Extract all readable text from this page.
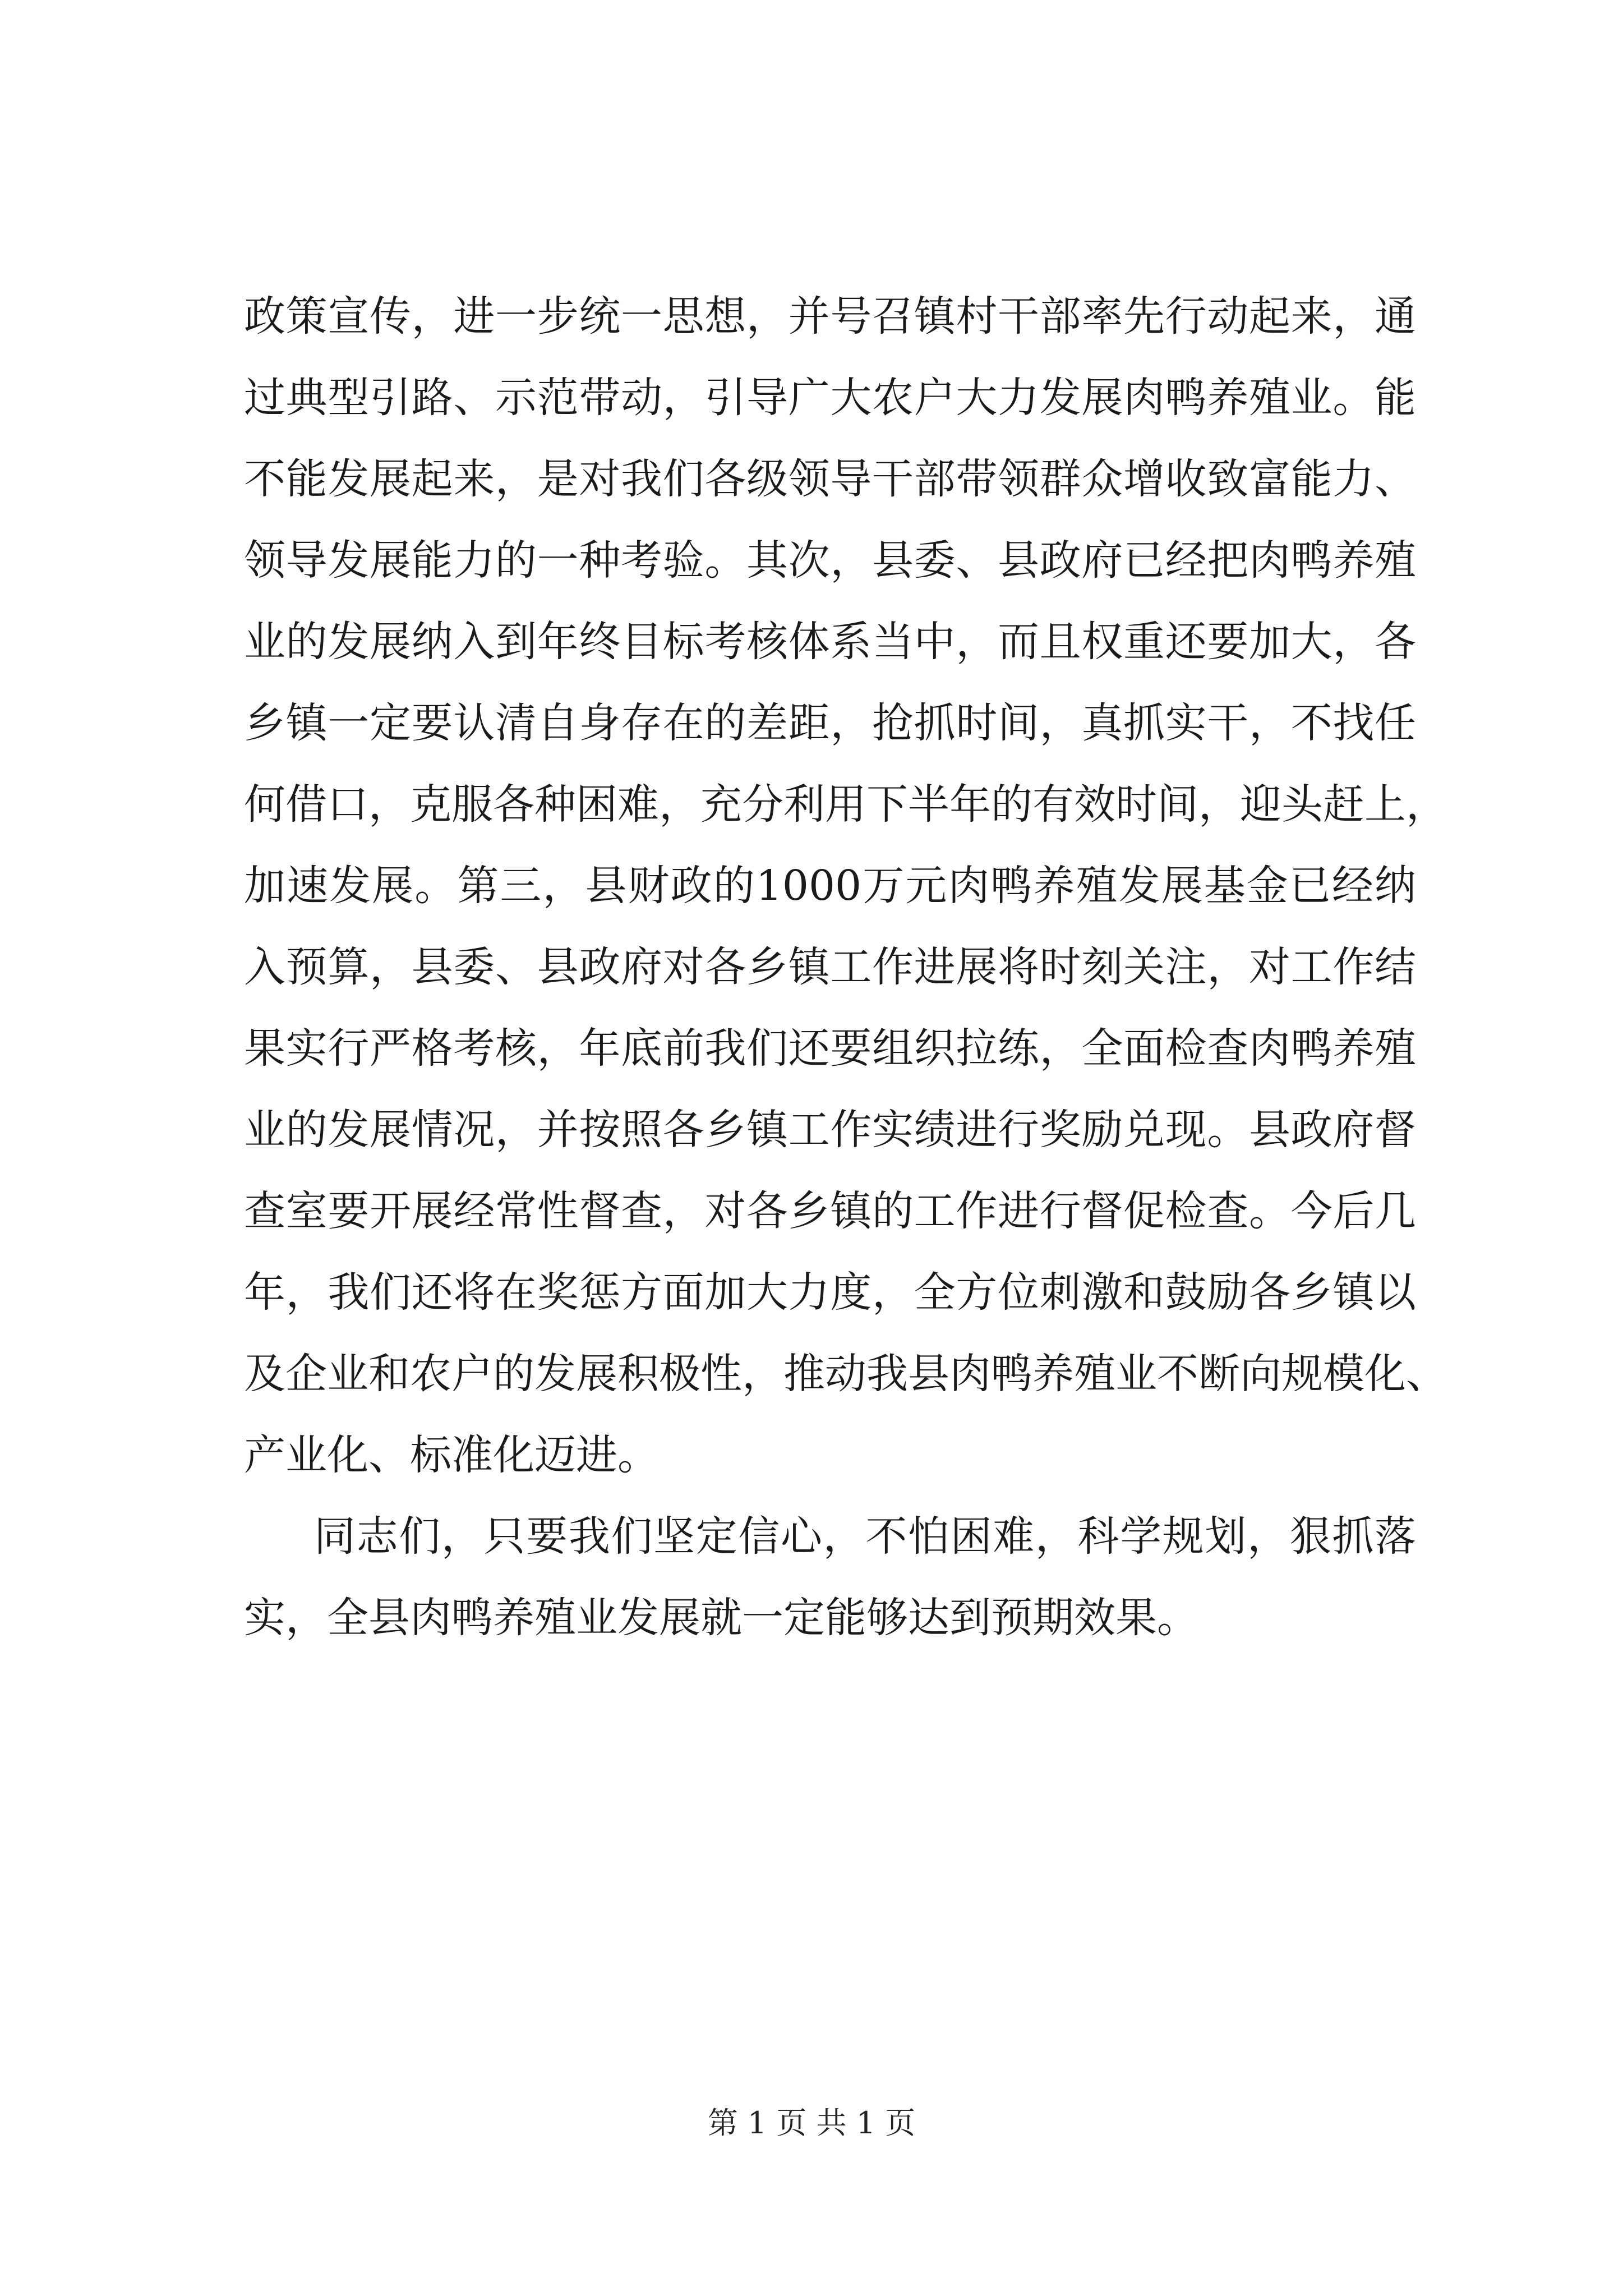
政策宣传，进一步统一思想，并号召镇村干部率先行动起来，通
过典型引路、示范带动，引导广大农户大力发展肉鸭养殖业。能
不能发展起来，是对我们各级领导干部带领群众增收致富能力、
领导发展能力的一种考验。其次，县委、县政府已经把肉鸭养殖
业的发展纳入到年终目标考核体系当中，而且权重还要加大，各
乡镇一定要认清自身存在的差距，抢抓时间，真抓实干，不找任
何借口，克服各种困难，充分利用下半年的有效时间，迎头赶上，
加速发展。第三，县财政的1000万元肉鸭养殖发展基金已经纳
入预算，县委、县政府对各乡镇工作进展将时刻关注，对工作结
果实行严格考核，年底前我们还要组织拉练，全面检查肉鸭养殖
业的发展情况，并按照各乡镇工作实绩进行奖励兑现。县政府督
查室要开展经常性督查，对各乡镇的工作进行督促检查。今后几
年，我们还将在奖惩方面加大力度，全方位刺激和鼓励各乡镇以
及企业和农户的发展积极性，推动我县肉鸭养殖业不断向规模化、
产业化、标准化迈进。
同志们，只要我们坚定信心，不怕困难，科学规划，狠抓落
实，全县肉鸭养殖业发展就一定能够达到预期效果。
第 1 页 共 1 页
